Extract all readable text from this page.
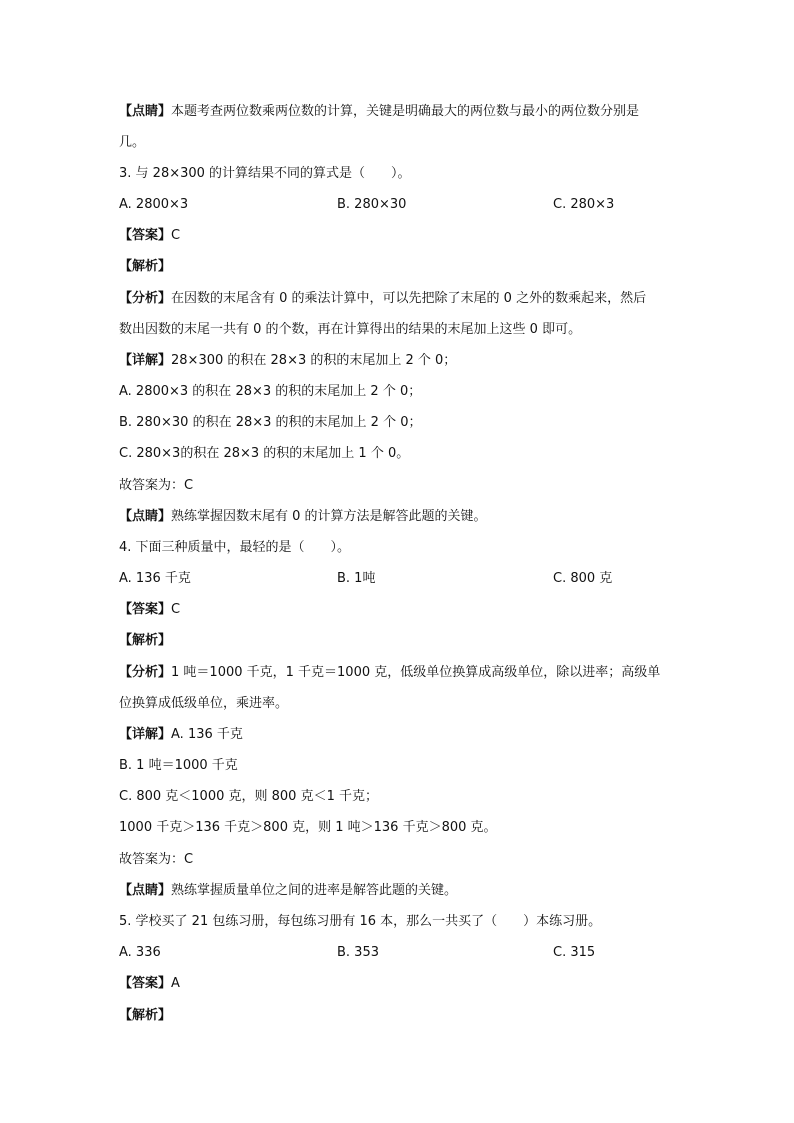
【点睛】本题考查两位数乘两位数的计算，关键是明确最大的两位数与最小的两位数分别是

几。

3. 与 28×300 的计算结果不同的算式是（　　）。

A. 2800×3	B. 280×30	C. 280×3

【答案】C

【解析】

【分析】在因数的末尾含有 0 的乘法计算中，可以先把除了末尾的 0 之外的数乘起来，然后

数出因数的末尾一共有 0 的个数，再在计算得出的结果的末尾加上这些 0 即可。

【详解】28×300 的积在 28×3 的积的末尾加上 2 个 0；

A. 2800×3 的积在 28×3 的积的末尾加上 2 个 0；

B. 280×30 的积在 28×3 的积的末尾加上 2 个 0；

C. 280×3的积在 28×3 的积的末尾加上 1 个 0。

故答案为：C

【点睛】熟练掌握因数末尾有 0 的计算方法是解答此题的关键。

4. 下面三种质量中，最轻的是（　　）。

A. 136 千克	B. 1吨	C. 800 克

【答案】C

【解析】

【分析】1 吨＝1000 千克，1 千克＝1000 克，低级单位换算成高级单位，除以进率；高级单

位换算成低级单位，乘进率。

【详解】A. 136 千克

B. 1 吨＝1000 千克

C. 800 克＜1000 克，则 800 克＜1 千克；

1000 千克＞136 千克＞800 克，则 1 吨＞136 千克＞800 克。

故答案为：C

【点睛】熟练掌握质量单位之间的进率是解答此题的关键。

5. 学校买了 21 包练习册，每包练习册有 16 本，那么一共买了（　　）本练习册。

A. 336	B. 353	C. 315

【答案】A

【解析】
